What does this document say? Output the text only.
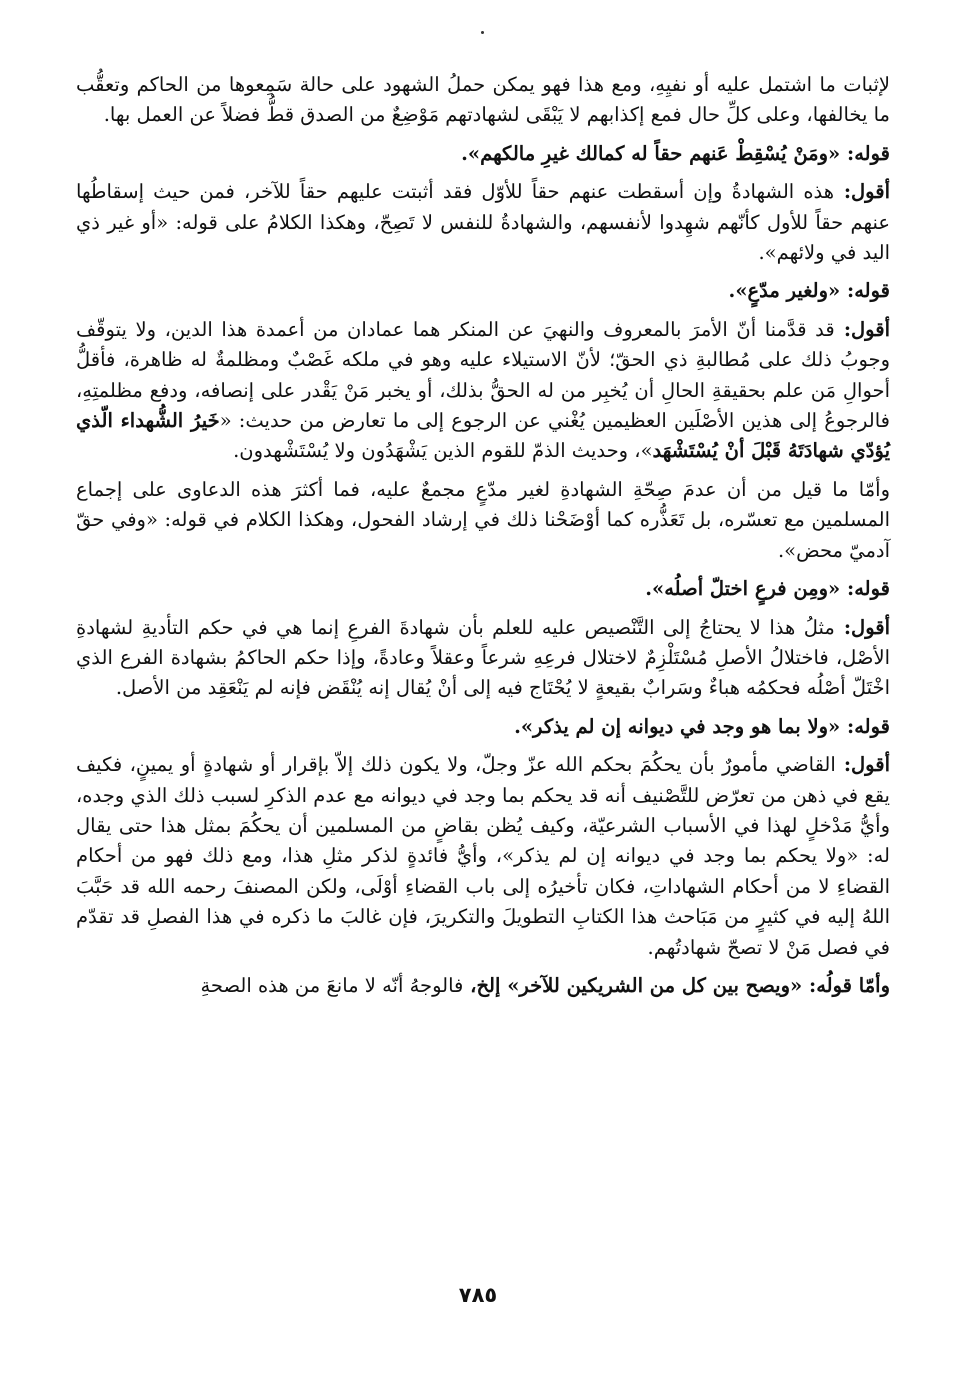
لإثبات ما اشتمل عليه أو نفيِهِ، ومع هذا فهو يمكن حملُ الشهود على حالة سَمِعوها من الحاكم وتعقُّب ما يخالفها، وعلى كلِّ حال فمع إكذابهم لا يَبْقَى لشهادتهم مَوْضِعٌ من الصدق قطُّ فضلاً عن العمل بها.

قوله: «ومَنْ يُسْقِطْ عَنهم حقاً له كمالك غيرِ مالكهم».

أقول: هذه الشهادةُ وإن أسقطت عنهم حقاً للأوّل فقد أثبتت عليهم حقاً للآخر، فمن حيث إسقاطُها عنهم حقاً للأول كأنّهم شهِدوا لأنفسهم، والشهادةُ للنفس لا تَصِحّ، وهكذا الكلامُ على قوله: «أو غير ذي اليد في ولائهم».

قوله: «ولغير مدّعٍ».

أقول: قد قدَّمنا أنّ الأمرَ بالمعروف والنهيَ عن المنكر هما عمادان من أعمدة هذا الدين، ولا يتوقّف وجوبُ ذلك على مُطالبةِ ذي الحقّ؛ لأنّ الاستيلاء عليه وهو في ملكه غَصْبٌ ومظلمةٌ له ظاهرة، فأقلُّ أحوالِ مَن علم بحقيقةِ الحالِ أن يُخبِر من له الحقُّ بذلك، أو يخبر مَنْ يَقْدر على إنصافه، ودفع مظلمتِهِ، فالرجوعُ إلى هذين الأصْلَين العظيمين يُغْني عن الرجوع إلى ما تعارض من حديث: «خَيرُ الشُّهداء الّذي يُؤدّي شهادَتَهُ قَبْلَ أنْ يُسْتَشْهَد»، وحديث الذمّ للقوم الذين يَشْهَدُون ولا يُسْتَشْهدون.

وأمّا ما قيل من أن عدمَ صِحّةِ الشهادةِ لغير مدّعٍ مجمعٌ عليه، فما أكثرَ هذه الدعاوى على إجماع المسلمين مع تعسّره، بل تَعَذُّره كما أوْضَحْنا ذلك في إرشاد الفحول، وهكذا الكلام في قوله: «وفي حقّ آدميّ محض».

قوله: «ومِن فرعٍ اختلّ أصلُه».

أقول: مثلُ هذا لا يحتاجُ إلى التَّنْصيص عليه للعلم بأن شهادةَ الفرعِ إنما هي في حكم التأديةِ لشهادةِ الأصْل، فاختلالُ الأصلِ مُسْتَلْزِمٌ لاختلال فرعِهِ شرعاً وعقلاً وعادةً، وإذا حكم الحاكمُ بشهادة الفرع الذي اخْتَلّ أصْلُه فحكمُه هباءٌ وسَرابٌ بقيعةٍ لا يُحْتَاج فيه إلى أنْ يُقال إنه يُنْقَض فإنه لم يَنْعَقِد من الأصل.

قوله: «ولا بما هو وجد في ديوانه إن لم يذكر».

أقول: القاضي مأمورٌ بأن يحكُمَ بحكم الله عزّ وجلّ، ولا يكون ذلك إلاّ بإقرار أو شهادةٍ أو يمينٍ، فكيف يقع في ذهن من تعرّض للتَّصْنيف أنه قد يحكم بما وجد في ديوانه مع عدم الذكرِ لسبب ذلك الذي وجده، وأيُّ مَدْخلٍ لهذا في الأسباب الشرعيّة، وكيف يُظن بقاضٍ من المسلمين أن يحكُمَ بمثل هذا حتى يقال له: «ولا يحكم بما وجد في ديوانه إن لم يذكر»، وأيُّ فائدةٍ لذكر مثلِ هذا، ومع ذلك فهو من أحكام القضاءِ لا من أحكام الشهاداتِ، فكان تأخيرُه إلى باب القضاءِ أوْلَى، ولكن المصنفَ رحمه الله قد حَبَّبَ اللهُ إليه في كثيرٍ من مَبَاحث هذا الكتابِ التطويلَ والتكريرَ، فإن غالبَ ما ذكره في هذا الفصلِ قد تقدّم في فصل مَنْ لا تصحّ شهادتُهم.

وأمّا قولُه: «ويصح بين كل من الشريكين للآخر» إلخ، فالوجهُ أنّه لا مانعَ من هذه الصحةِ

٧٨٥
